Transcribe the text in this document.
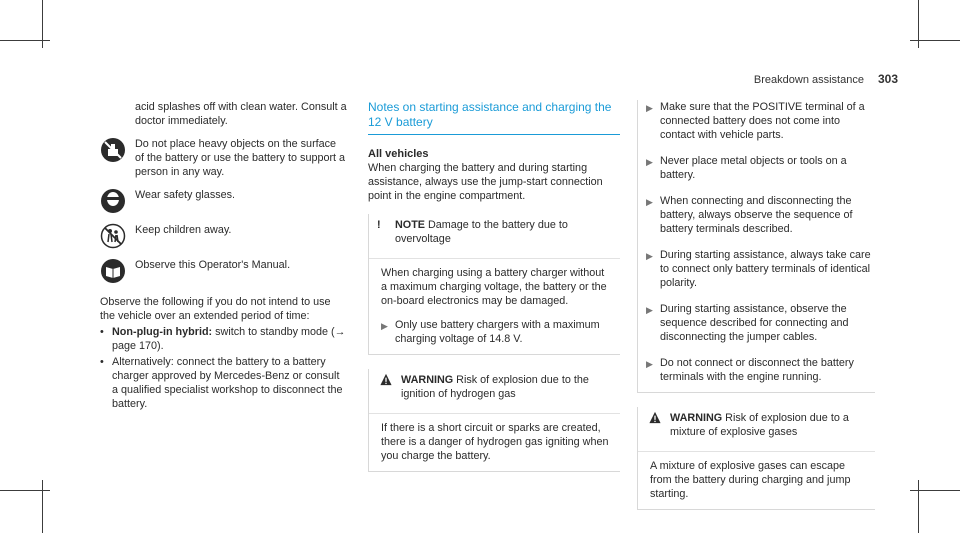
Breakdown assistance 303

acid splashes off with clean water. Consult a doctor immediately.

Do not place heavy objects on the surface of the battery or use the battery to support a person in any way.

Wear safety glasses.

Keep children away.

Observe this Operator's Manual.

Observe the following if you do not intend to use the vehicle over an extended period of time:

• Non-plug-in hybrid: switch to standby mode (→ page 170).

• Alternatively: connect the battery to a battery charger approved by Mercedes-Benz or consult a qualified specialist workshop to disconnect the battery.

Notes on starting assistance and charging the 12 V battery

All vehicles

When charging the battery and during starting assistance, always use the jump-start connection point in the engine compartment.

!	NOTE Damage to the battery due to overvoltage

When charging using a battery charger without a maximum charging voltage, the battery or the on-board electronics may be damaged.

▶ Only use battery chargers with a maximum charging voltage of 14.8 V.

WARNING Risk of explosion due to the ignition of hydrogen gas

If there is a short circuit or sparks are created, there is a danger of hydrogen gas igniting when you charge the battery.

▶ Make sure that the POSITIVE terminal of a connected battery does not come into contact with vehicle parts.

▶ Never place metal objects or tools on a battery.

▶ When connecting and disconnecting the battery, always observe the sequence of battery terminals described.

▶ During starting assistance, always take care to connect only battery terminals of identical polarity.

▶ During starting assistance, observe the sequence described for connecting and disconnecting the jumper cables.

▶ Do not connect or disconnect the battery terminals with the engine running.

WARNING Risk of explosion due to a mixture of explosive gases

A mixture of explosive gases can escape from the battery during charging and jump starting.
